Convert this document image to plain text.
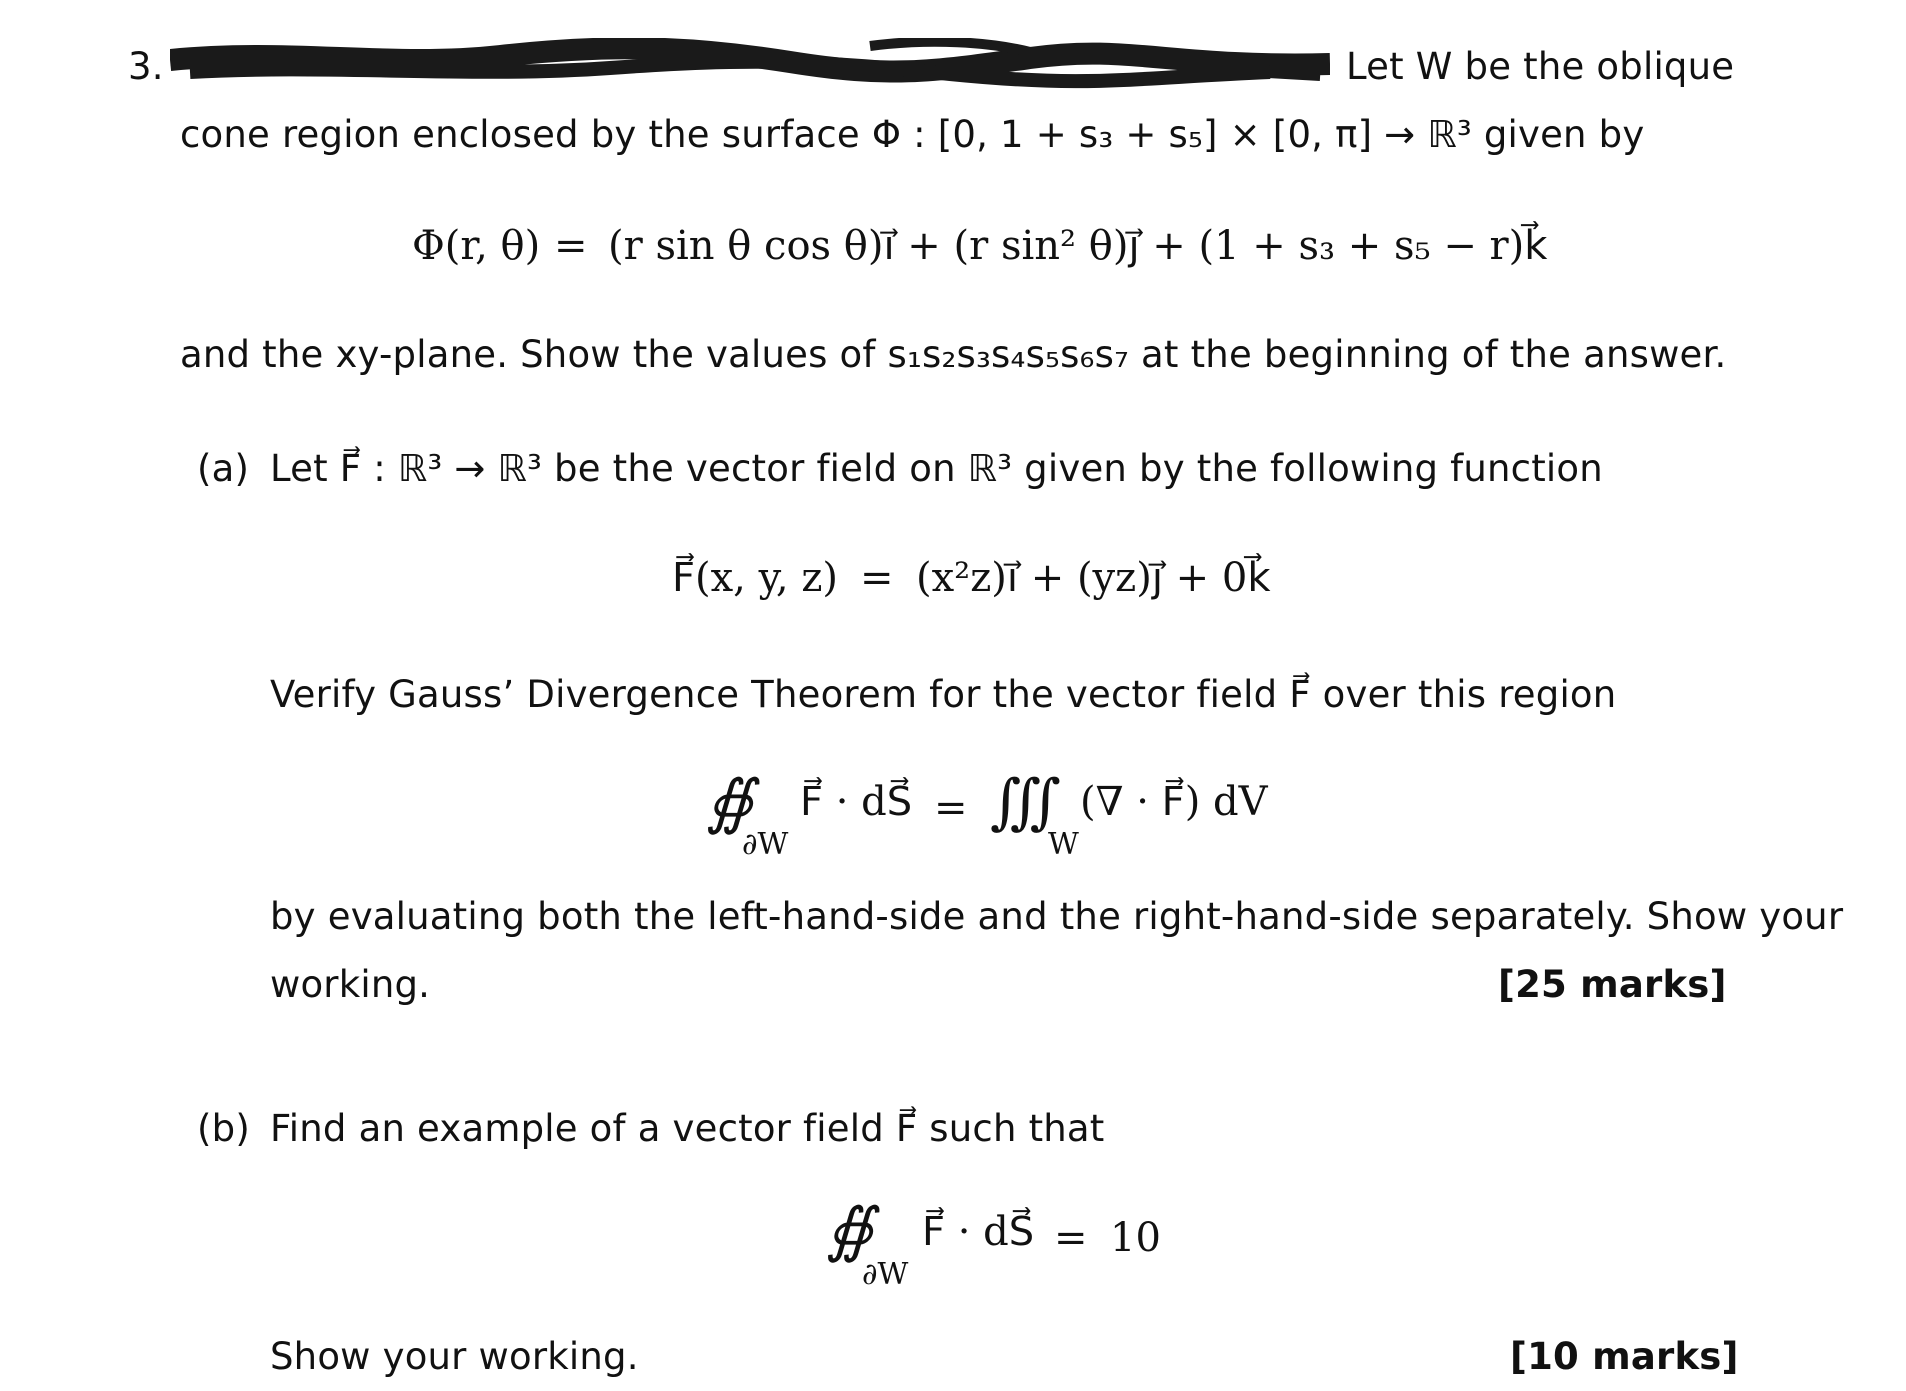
3.	Let W be the oblique
cone region enclosed by the surface Φ : [0, 1 + s₃ + s₅] × [0, π] → ℝ³ given by
Φ(r, θ) = (r sin θ cos θ)i⃗ + (r sin² θ)j⃗ + (1 + s₃ + s₅ − r)k⃗
and the xy-plane. Show the values of s₁s₂s₃s₄s₅s₆s₇ at the beginning of the answer.
(a) Let F⃗ : ℝ³ → ℝ³ be the vector field on ℝ³ given by the following function
F⃗(x, y, z) = (x²z)i⃗ + (yz)j⃗ + 0k⃗
Verify Gauss’ Divergence Theorem for the vector field F⃗ over this region
∯
∂W
F⃗ · dS⃗ = ∭
W
(∇ · F⃗) dV
by evaluating both the left-hand-side and the right-hand-side separately. Show your
working.	[25 marks]
(b) Find an example of a vector field F⃗ such that
∯
∂W
F⃗ · dS⃗ = 10
Show your working.	[10 marks]
